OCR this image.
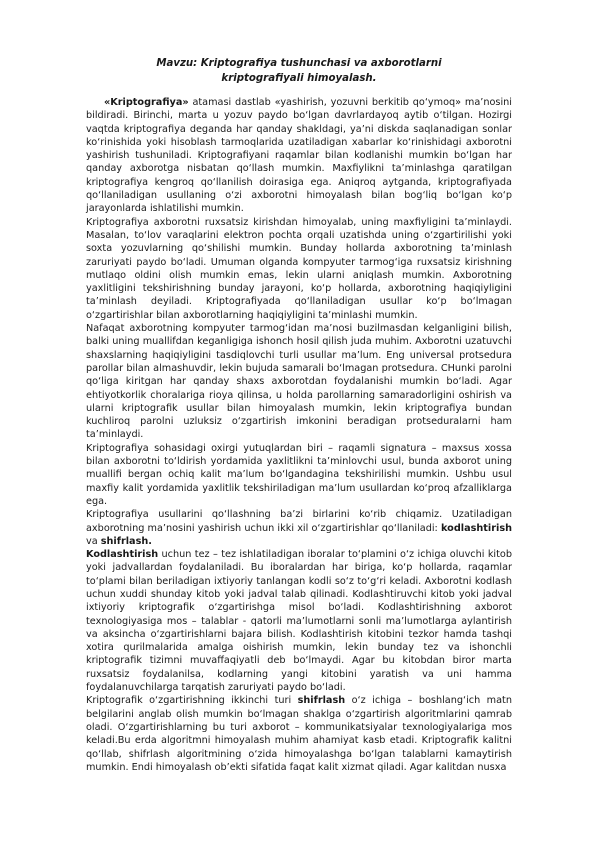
Mavzu: Kriptografiya tushunchasi va axborotlarni
kriptografiyali himoyalash.

«Kriptografiya» atamasi dastlab «yashirish, yozuvni berkitib qo‘ymoq» ma’nosini bildiradi. Birinchi, marta u yozuv paydo bo‘lgan davrlardayoq aytib o‘tilgan. Hozirgi vaqtda kriptografiya deganda har qanday shakldagi, ya’ni diskda saqlanadigan sonlar ko‘rinishida yoki hisoblash tarmoqlarida uzatiladigan xabarlar ko‘rinishidagi axborotni yashirish tushuniladi. Kriptografiyani raqamlar bilan kodlanishi mumkin bo‘lgan har qanday axborotga nisbatan qo‘llash mumkin. Maxfiylikni ta’minlashga qaratilgan kriptografiya kengroq qo‘llanilish doirasiga ega. Aniqroq aytganda, kriptografiyada qo‘llaniladigan usullaning o‘zi axborotni himoyalash bilan bog‘liq bo‘lgan ko‘p jarayonlarda ishlatilishi mumkin.

Kriptografiya axborotni ruxsatsiz kirishdan himoyalab, uning maxfiyligini ta’minlaydi. Masalan, to‘lov varaqlarini elektron pochta orqali uzatishda uning o‘zgartirilishi yoki soxta yozuvlarning qo‘shilishi mumkin. Bunday hollarda axborotning ta’minlash zaruriyati paydo bo‘ladi. Umuman olganda kompyuter tarmog‘iga ruxsatsiz kirishning mutlaqo oldini olish mumkin emas, lekin ularni aniqlash mumkin. Axborotning yaxlitligini tekshirishning bunday jarayoni, ko‘p hollarda, axborotning haqiqiyligini ta’minlash deyiladi. Kriptografiyada qo‘llaniladigan usullar ko‘p bo‘lmagan o‘zgartirishlar bilan axborotlarning haqiqiyligini ta’minlashi mumkin.

Nafaqat axborotning kompyuter tarmog‘idan ma’nosi buzilmasdan kelganligini bilish, balki uning muallifdan keganligiga ishonch hosil qilish juda muhim. Axborotni uzatuvchi shaxslarning haqiqiyligini tasdiqlovchi turli usullar ma’lum. Eng universal protsedura parollar bilan almashuvdir, lekin bujuda samarali bo‘lmagan protsedura. CHunki parolni qo‘liga kiritgan har qanday shaxs axborotdan foydalanishi mumkin bo‘ladi. Agar ehtiyotkorlik choralariga rioya qilinsa, u holda parollarning samaradorligini oshirish va ularni kriptografik usullar bilan himoyalash mumkin, lekin kriptografiya bundan kuchliroq parolni uzluksiz o‘zgartirish imkonini beradigan protseduralarni ham ta’minlaydi.

Kriptografiya sohasidagi oxirgi yutuqlardan biri – raqamli signatura – maxsus xossa bilan axborotni to‘ldirish yordamida yaxlitlikni ta’minlovchi usul, bunda axborot uning muallifi bergan ochiq kalit ma’lum bo‘lgandagina tekshirilishi mumkin. Ushbu usul maxfiy kalit yordamida yaxlitlik tekshiriladigan ma’lum usullardan ko‘proq afzalliklarga ega.

Kriptografiya usullarini qo‘llashning ba’zi birlarini ko‘rib chiqamiz. Uzatiladigan axborotning ma’nosini yashirish uchun ikki xil o‘zgartirishlar qo‘llaniladi: kodlashtirish va shifrlash.

Kodlashtirish uchun tez – tez ishlatiladigan iboralar to‘plamini o‘z ichiga oluvchi kitob yoki jadvallardan foydalaniladi. Bu iboralardan har biriga, ko‘p hollarda, raqamlar to‘plami bilan beriladigan ixtiyoriy tanlangan kodli so‘z to‘g‘ri keladi. Axborotni kodlash uchun xuddi shunday kitob yoki jadval talab qilinadi. Kodlashtiruvchi kitob yoki jadval ixtiyoriy kriptografik o‘zgartirishga misol bo‘ladi. Kodlashtirishning axborot texnologiyasiga mos – talablar - qatorli ma’lumotlarni sonli ma’lumotlarga aylantirish va aksincha o‘zgartirishlarni bajara bilish. Kodlashtirish kitobini tezkor hamda tashqi xotira qurilmalarida amalga oishirish mumkin, lekin bunday tez va ishonchli kriptografik tizimni muvaffaqiyatli deb bo‘lmaydi. Agar bu kitobdan biror marta ruxsatsiz foydalanilsa, kodlarning yangi kitobini yaratish va uni hamma foydalanuvchilarga tarqatish zaruriyati paydo bo‘ladi.

Kriptografik o‘zgartirishning ikkinchi turi shifrlash o‘z ichiga – boshlang‘ich matn belgilarini anglab olish mumkin bo‘lmagan shaklga o‘zgartirish algoritmlarini qamrab oladi. O‘zgartirishlarning bu turi axborot – kommunikatsiyalar texnologiyalariga mos keladi.Bu erda algoritmni himoyalash muhim ahamiyat kasb etadi. Kriptografik kalitni qo‘llab, shifrlash algoritmining o‘zida himoyalashga bo‘lgan talablarni kamaytirish mumkin. Endi himoyalash ob’ekti sifatida faqat kalit xizmat qiladi. Agar kalitdan nusxa
